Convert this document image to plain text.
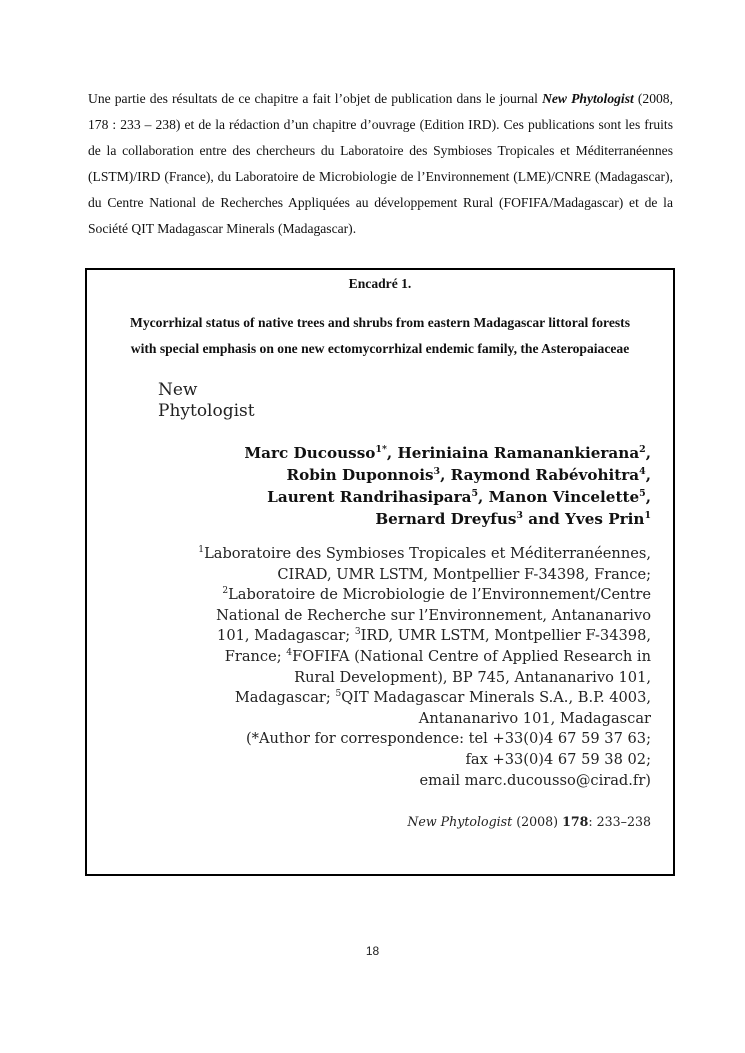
Une partie des résultats de ce chapitre a fait l’objet de publication dans le journal New Phytologist (2008, 178 : 233 – 238) et de la rédaction d’un chapitre d’ouvrage (Edition IRD). Ces publications sont les fruits de la collaboration entre des chercheurs du Laboratoire des Symbioses Tropicales et Méditerranéennes (LSTM)/IRD (France), du Laboratoire de Microbiologie de l’Environnement (LME)/CNRE (Madagascar), du Centre National de Recherches Appliquées au développement Rural (FOFIFA/Madagascar) et de la Société QIT Madagascar Minerals (Madagascar).

Encadré 1.

Mycorrhizal status of native trees and shrubs from eastern Madagascar littoral forests
with special emphasis on one new ectomycorrhizal endemic family, the Asteropaiaceae

New
Phytologist

Marc Ducousso$^{1*}$, Heriniaina Ramanankierana$^2$,
Robin Duponnois$^3$, Raymond Rabévohitra$^4$,
Laurent Randrihasipara$^5$, Manon Vincelette$^5$,
Bernard Dreyfus$^3$ and Yves Prin$^1$

$^1$Laboratoire des Symbioses Tropicales et Méditerranéennes,
CIRAD, UMR LSTM, Montpellier F-34398, France;
$^2$Laboratoire de Microbiologie de l’Environnement/Centre
National de Recherche sur l’Environnement, Antananarivo
101, Madagascar; $^3$IRD, UMR LSTM, Montpellier F-34398,
France; $^4$FOFIFA (National Centre of Applied Research in
Rural Development), BP 745, Antananarivo 101,
Madagascar; $^5$QIT Madagascar Minerals S.A., B.P. 4003,
Antananarivo 101, Madagascar
(*Author for correspondence: tel +33(0)4 67 59 37 63;
fax +33(0)4 67 59 38 02;
email marc.ducousso@cirad.fr)

New Phytologist (2008) 178: 233–238
18
